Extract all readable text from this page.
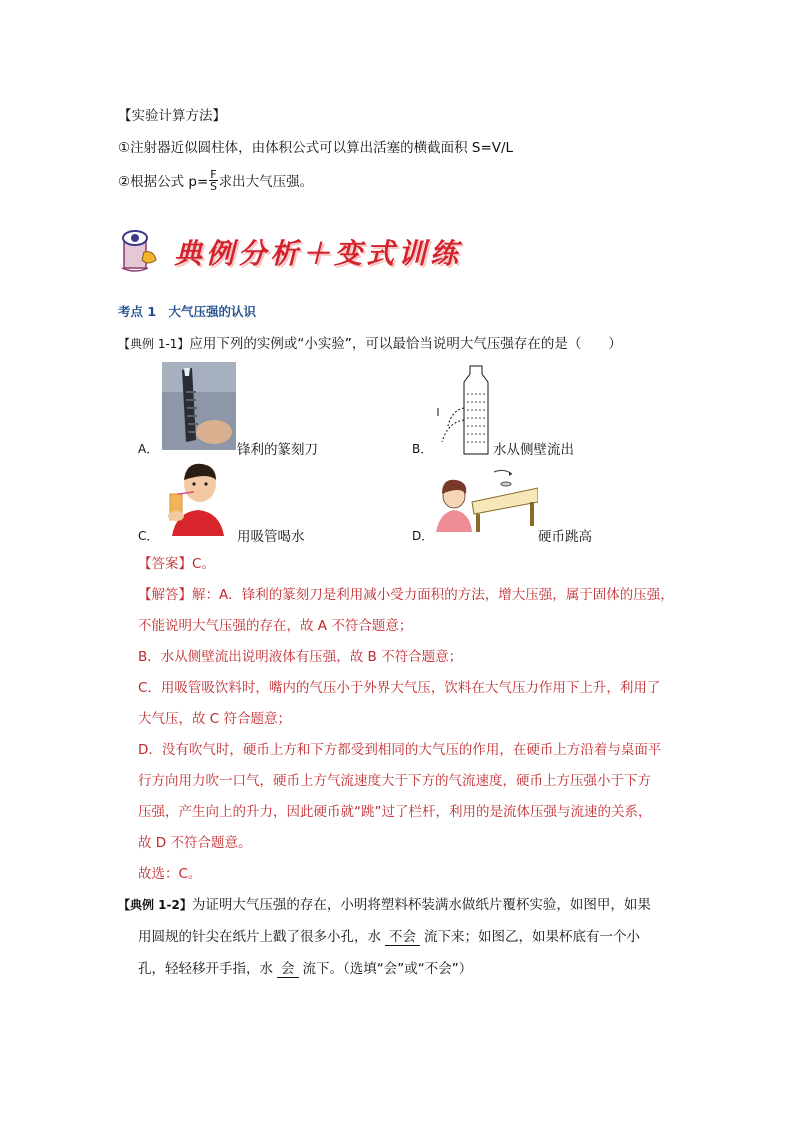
【实验计算方法】
①注射器近似圆柱体，由体积公式可以算出活塞的横截面积 S=V/L
②根据公式 $p= \frac{F}{S}$ 求出大气压强。
典例分析＋变式训练
考点 1　大气压强的认识
【典例 1-1】应用下列的实例或“小实验”，可以最恰当说明大气压强存在的是（　　）
A．	锋利的篆刻刀	B．	水从侧壁流出
C．	用吸管喝水	D．	硬币跳高
【答案】C。
【解答】解：A．锋利的篆刻刀是利用减小受力面积的方法，增大压强，属于固体的压强，
不能说明大气压强的存在，故 A 不符合题意；
B．水从侧壁流出说明液体有压强，故 B 不符合题意；
C．用吸管吸饮料时，嘴内的气压小于外界大气压，饮料在大气压力作用下上升，利用了
大气压，故 C 符合题意；
D．没有吹气时，硬币上方和下方都受到相同的大气压的作用，在硬币上方沿着与桌面平
行方向用力吹一口气，硬币上方气流速度大于下方的气流速度，硬币上方压强小于下方
压强，产生向上的升力，因此硬币就“跳”过了栏杆，利用的是流体压强与流速的关系，
故 D 不符合题意。
故选：C。
【典例 1-2】为证明大气压强的存在，小明将塑料杯装满水做纸片覆杯实验，如图甲，如果
用圆规的针尖在纸片上戳了很多小孔，水 不会 流下来；如图乙，如果杯底有一个小
孔，轻轻移开手指，水 会 流下。（选填“会”或“不会”）
